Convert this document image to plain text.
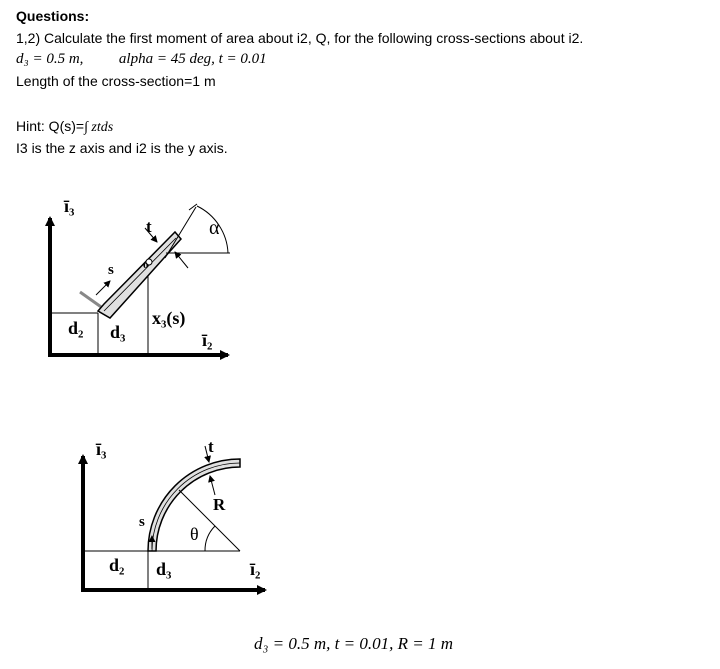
Questions:
1,2) Calculate the first moment of area about i2, Q, for the following cross-sections about i2.
d₃ = 0.5 m, alpha = 45 deg, t = 0.01
Length of the cross-section=1 m
Hint: Q(s)=∫ ztds
I3 is the z axis and i2 is the y axis.
ī₃
ī₂
t
s
α
d₂ d₃
x₃(s)
o
ī₃
ī₂
t
R
θ
s
d₂ d₃
d₃ = 0.5 m, t = 0.01, R = 1 m
